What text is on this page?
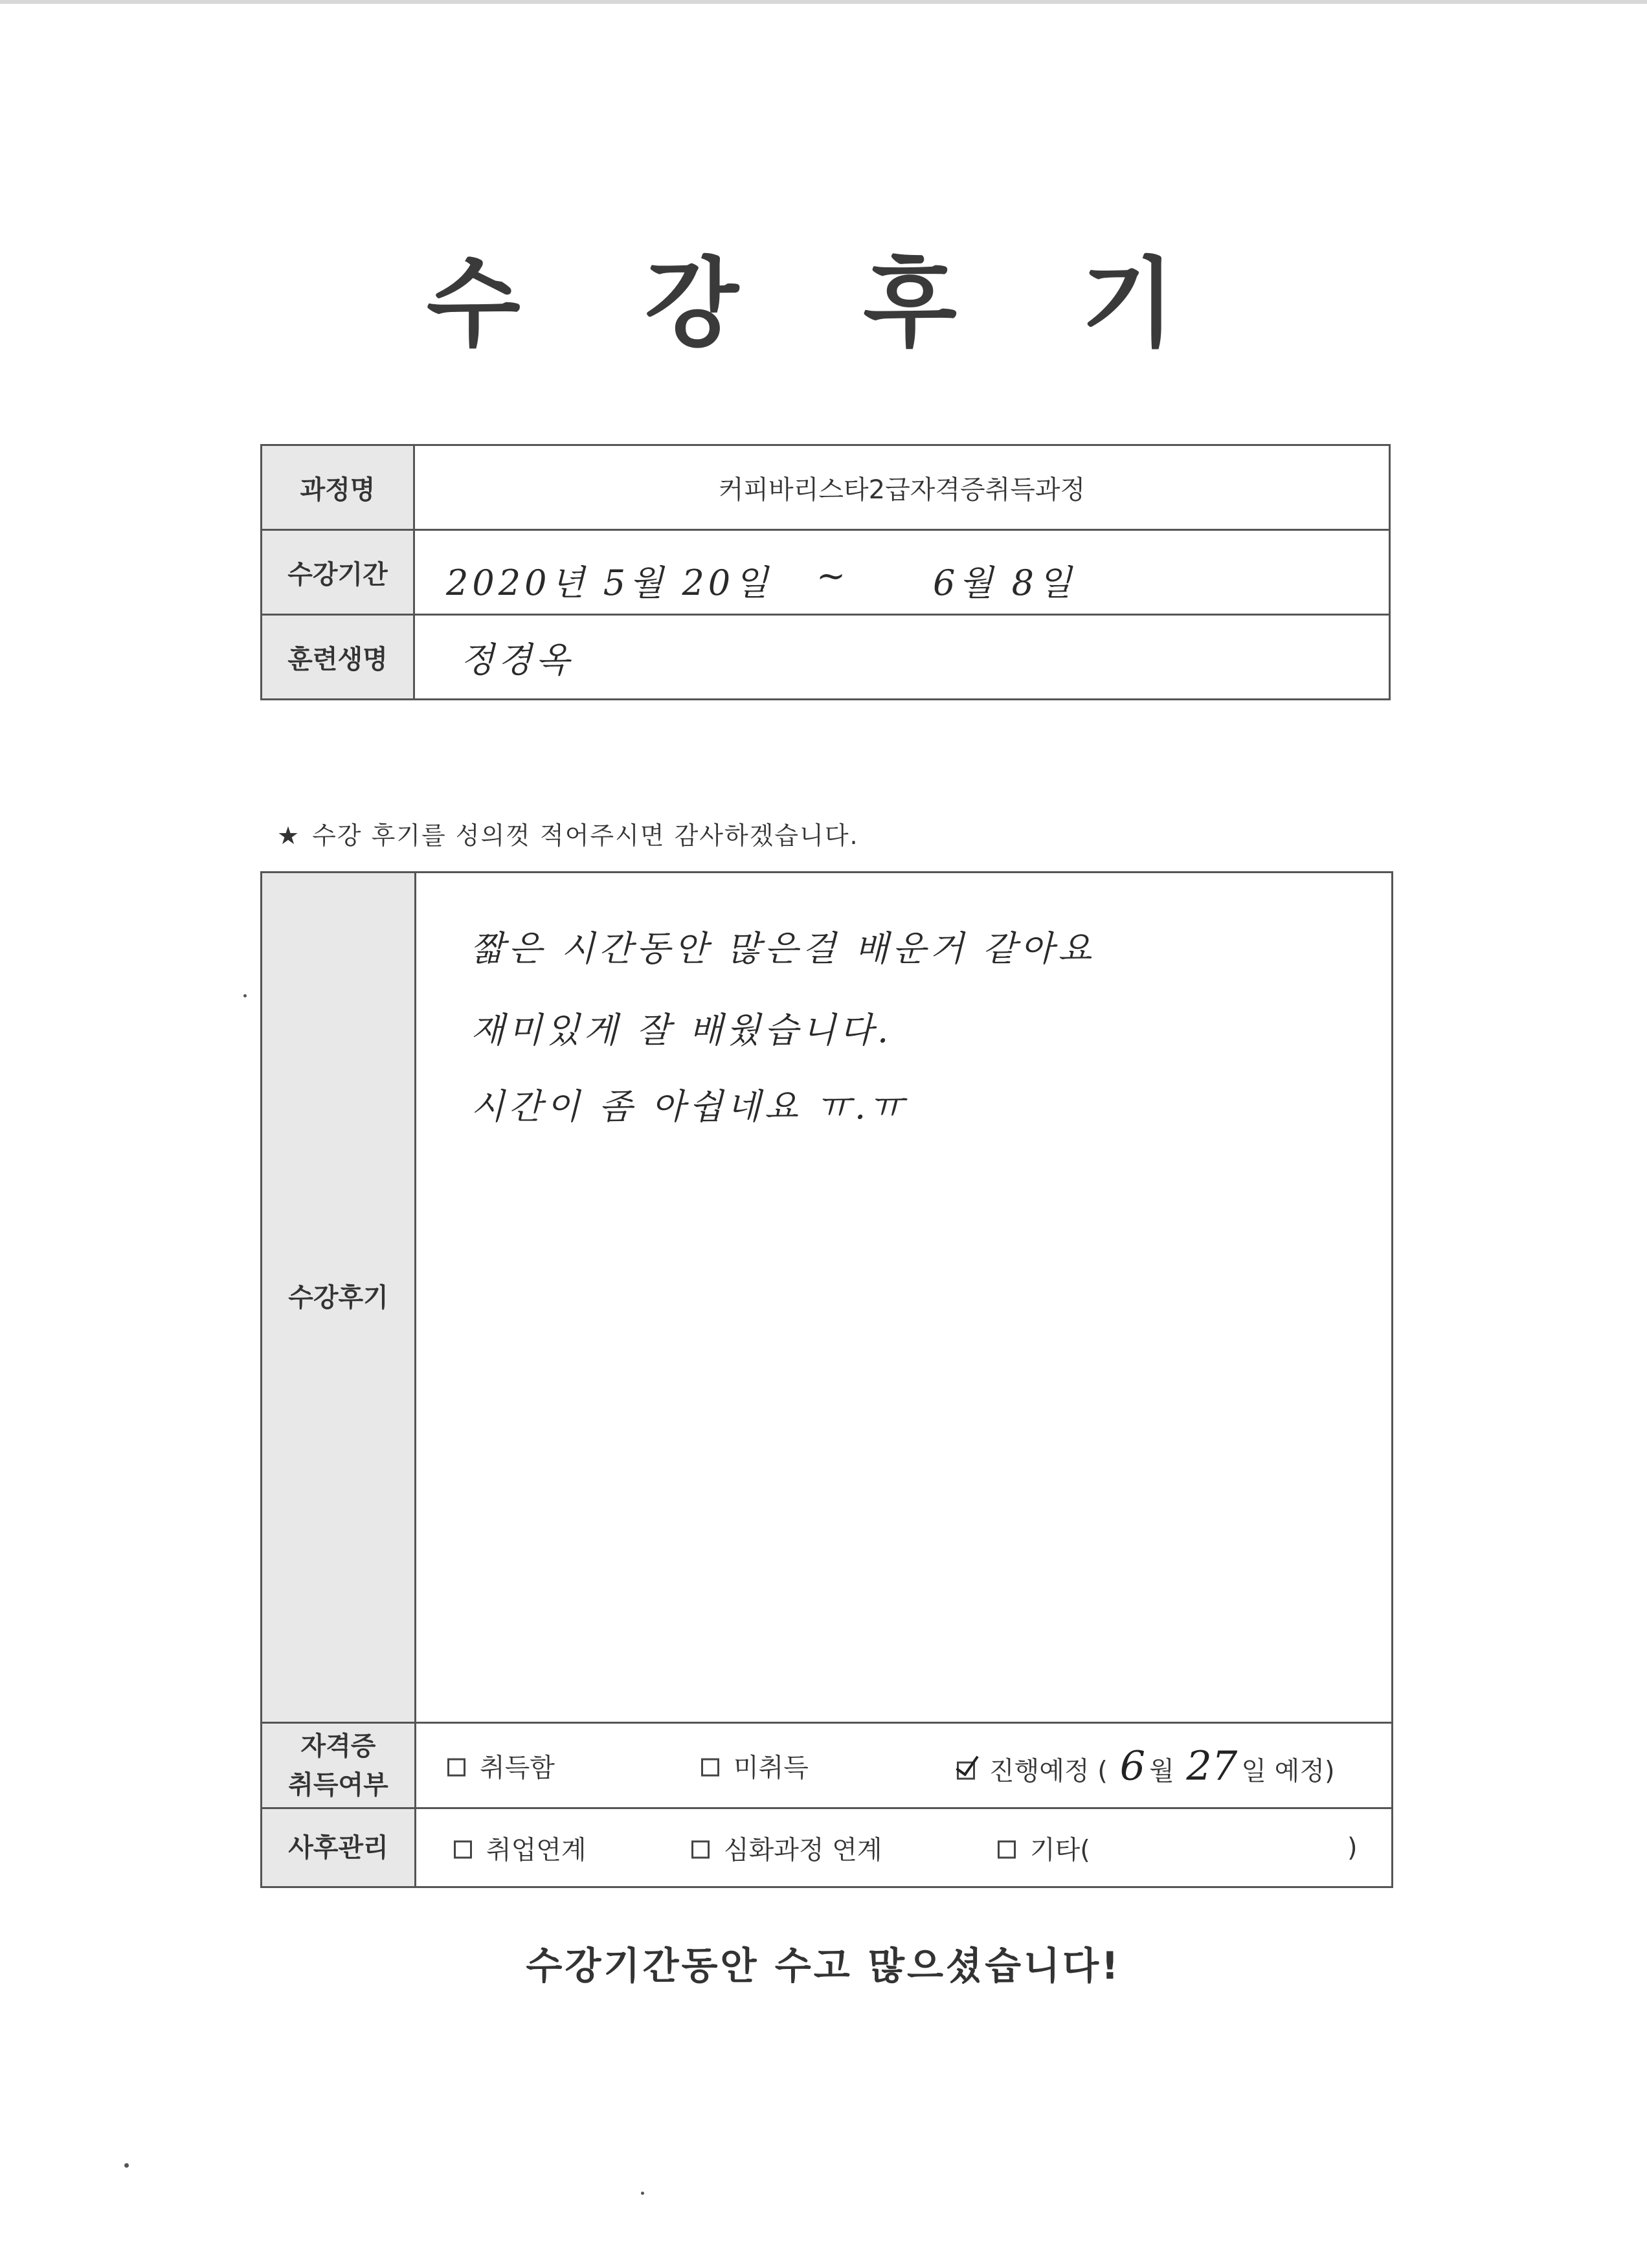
수 강 후 기
과정명	커피바리스타2급자격증취득과정
수강기간	2020년 5월 20일 ~ 6월 8일

훈련생명	정경옥
★ 수강 후기를 성의껏 적어주시면 감사하겠습니다.
수강후기	짧은 시간동안 많은걸 배운거 같아요
재미있게 잘 배웠습니다.
시간이 좀 아쉽네요 ㅠ.ㅠ

자격증
취득여부	취득함 미취득 진행예정 ( 6 월 27 일 예정)

사후관리	취업연계 심화과정 연계 기타( )
수강기간동안 수고 많으셨습니다!
